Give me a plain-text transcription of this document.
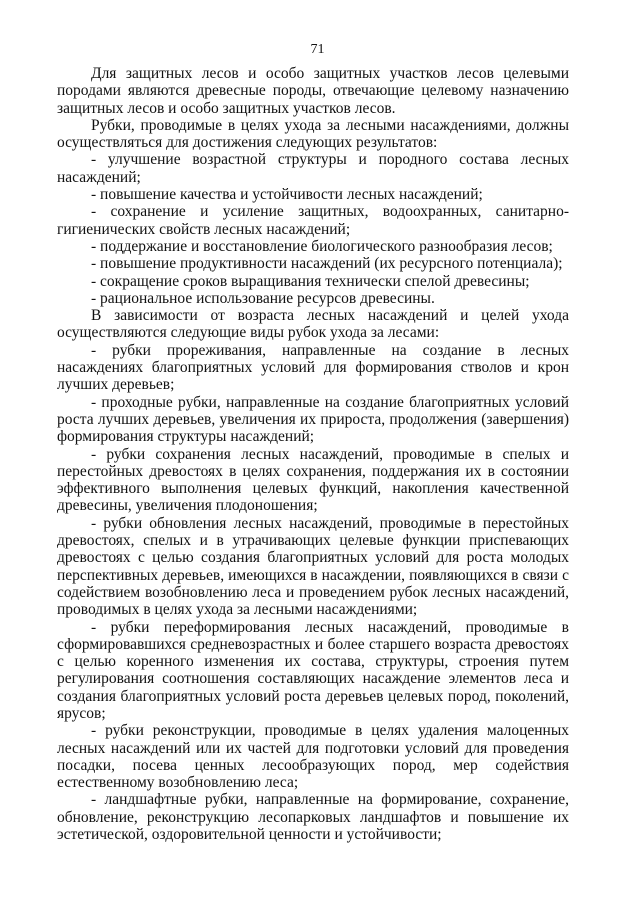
71

Для защитных лесов и особо защитных участков лесов целевыми породами являются древесные породы, отвечающие целевому назначению защитных лесов и особо защитных участков лесов.

Рубки, проводимые в целях ухода за лесными насаждениями, должны осуществляться для достижения следующих результатов:

- улучшение возрастной структуры и породного состава лесных насаждений;

- повышение качества и устойчивости лесных насаждений;

- сохранение и усиление защитных, водоохранных, санитарно-гигиенических свойств лесных насаждений;

- поддержание и восстановление биологического разнообразия лесов;

- повышение продуктивности насаждений (их ресурсного потенциала);

- сокращение сроков выращивания технически спелой древесины;

- рациональное использование ресурсов древесины.

В зависимости от возраста лесных насаждений и целей ухода осуществляются следующие виды рубок ухода за лесами:

- рубки прореживания, направленные на создание в лесных насаждениях благоприятных условий для формирования стволов и крон лучших деревьев;

- проходные рубки, направленные на создание благоприятных условий роста лучших деревьев, увеличения их прироста, продолжения (завершения) формирования структуры насаждений;

- рубки сохранения лесных насаждений, проводимые в спелых и перестойных древостоях в целях сохранения, поддержания их в состоянии эффективного выполнения целевых функций, накопления качественной древесины, увеличения плодоношения;

- рубки обновления лесных насаждений, проводимые в перестойных древостоях, спелых и в утрачивающих целевые функции приспевающих древостоях с целью создания благоприятных условий для роста молодых перспективных деревьев, имеющихся в насаждении, появляющихся в связи с содействием возобновлению леса и проведением рубок лесных насаждений, проводимых в целях ухода за лесными насаждениями;

- рубки переформирования лесных насаждений, проводимые в сформировавшихся средневозрастных и более старшего возраста древостоях с целью коренного изменения их состава, структуры, строения путем регулирования соотношения составляющих насаждение элементов леса и создания благоприятных условий роста деревьев целевых пород, поколений, ярусов;

- рубки реконструкции, проводимые в целях удаления малоценных лесных насаждений или их частей для подготовки условий для проведения посадки, посева ценных лесообразующих пород, мер содействия естественному возобновлению леса;

- ландшафтные рубки, направленные на формирование, сохранение, обновление, реконструкцию лесопарковых ландшафтов и повышение их эстетической, оздоровительной ценности и устойчивости;
